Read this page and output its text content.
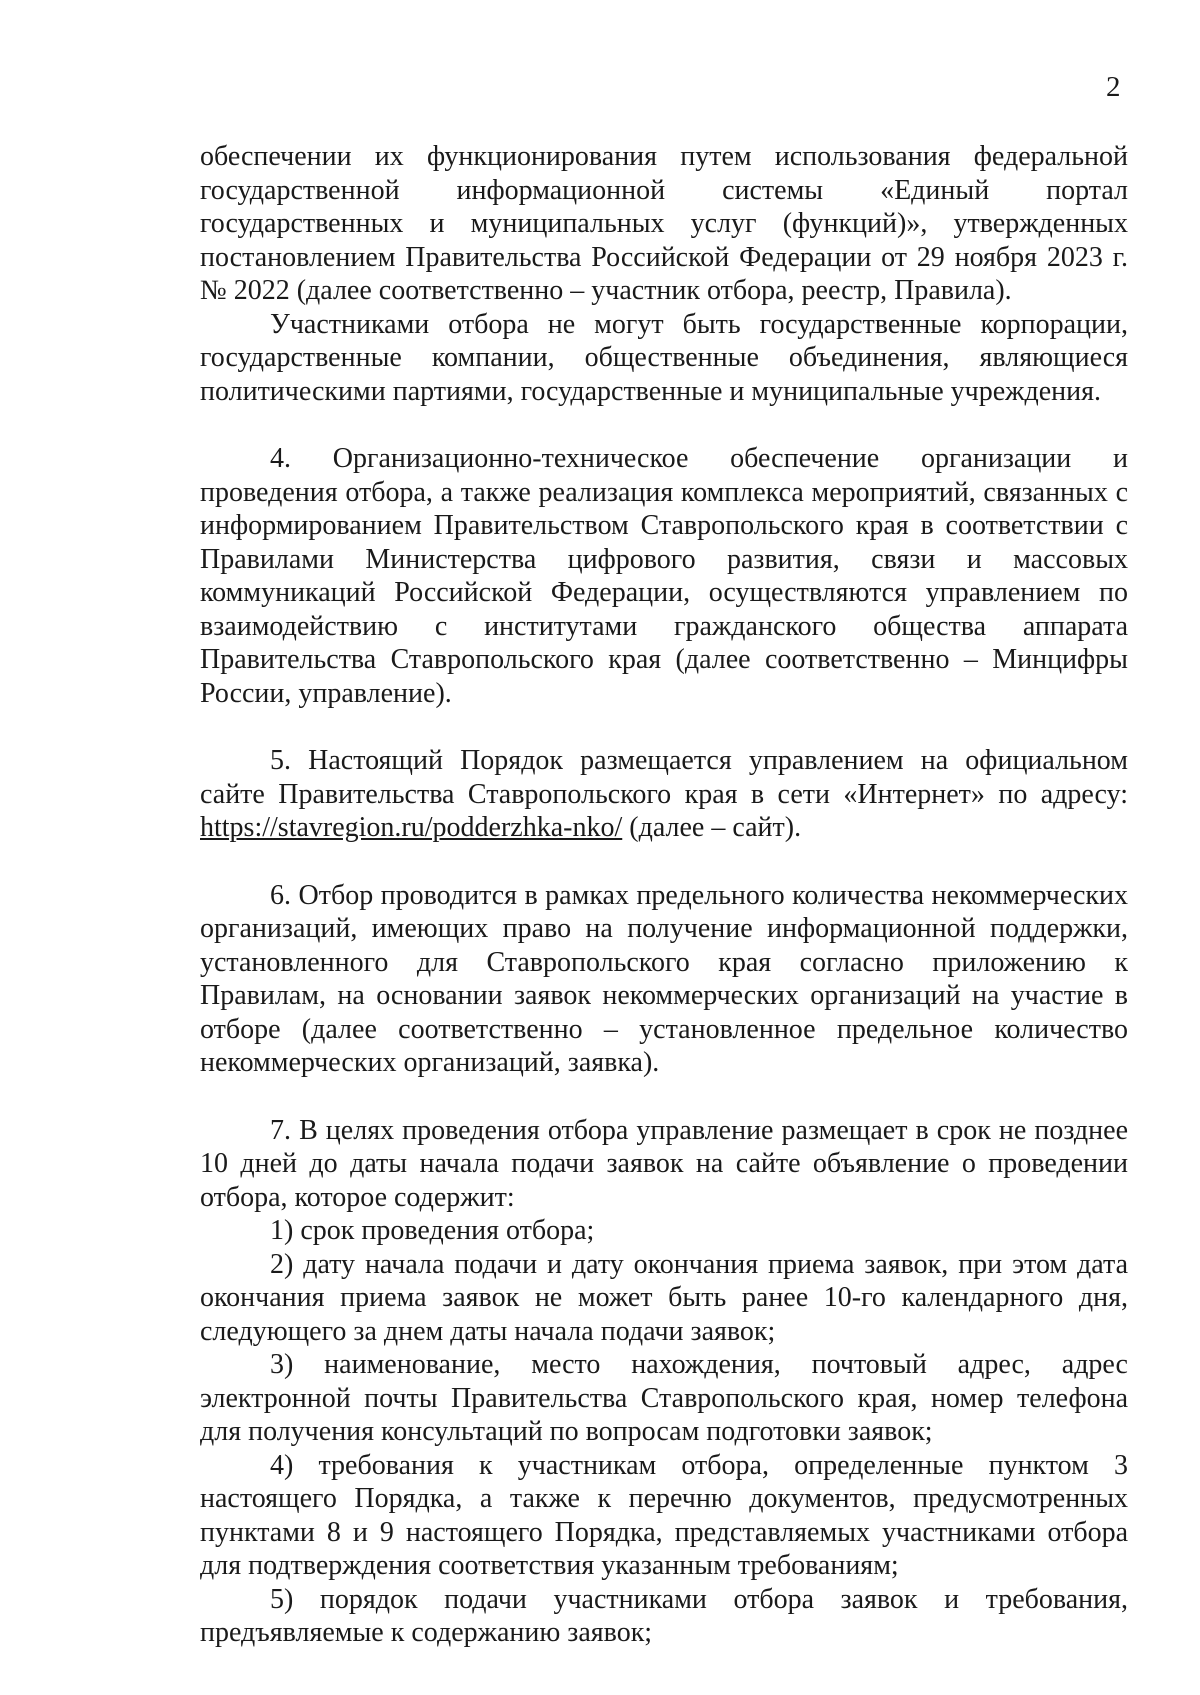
2

обеспечении их функционирования путем использования федеральной государственной информационной системы «Единый портал государственных и муниципальных услуг (функций)», утвержденных постановлением Правительства Российской Федерации от 29 ноября 2023 г. № 2022 (далее соответственно – участник отбора, реестр, Правила).

Участниками отбора не могут быть государственные корпорации, государственные компании, общественные объединения, являющиеся политическими партиями, государственные и муниципальные учреждения.

4. Организационно-техническое обеспечение организации и проведения отбора, а также реализация комплекса мероприятий, связанных с информированием Правительством Ставропольского края в соответствии с Правилами Министерства цифрового развития, связи и массовых коммуникаций Российской Федерации, осуществляются управлением по взаимодействию с институтами гражданского общества аппарата Правительства Ставропольского края (далее соответственно – Минцифры России, управление).

5. Настоящий Порядок размещается управлением на официальном сайте Правительства Ставропольского края в сети «Интернет» по адресу: https://stavregion.ru/podderzhka-nko/ (далее – сайт).

6. Отбор проводится в рамках предельного количества некоммерческих организаций, имеющих право на получение информационной поддержки, установленного для Ставропольского края согласно приложению к Правилам, на основании заявок некоммерческих организаций на участие в отборе (далее соответственно – установленное предельное количество некоммерческих организаций, заявка).

7. В целях проведения отбора управление размещает в срок не позднее 10 дней до даты начала подачи заявок на сайте объявление о проведении отбора, которое содержит:

1) срок проведения отбора;

2) дату начала подачи и дату окончания приема заявок, при этом дата окончания приема заявок не может быть ранее 10-го календарного дня, следующего за днем даты начала подачи заявок;

3) наименование, место нахождения, почтовый адрес, адрес электронной почты Правительства Ставропольского края, номер телефона для получения консультаций по вопросам подготовки заявок;

4) требования к участникам отбора, определенные пунктом 3 настоящего Порядка, а также к перечню документов, предусмотренных пунктами 8 и 9 настоящего Порядка, представляемых участниками отбора для подтверждения соответствия указанным требованиям;

5) порядок подачи участниками отбора заявок и требования, предъявляемые к содержанию заявок;
